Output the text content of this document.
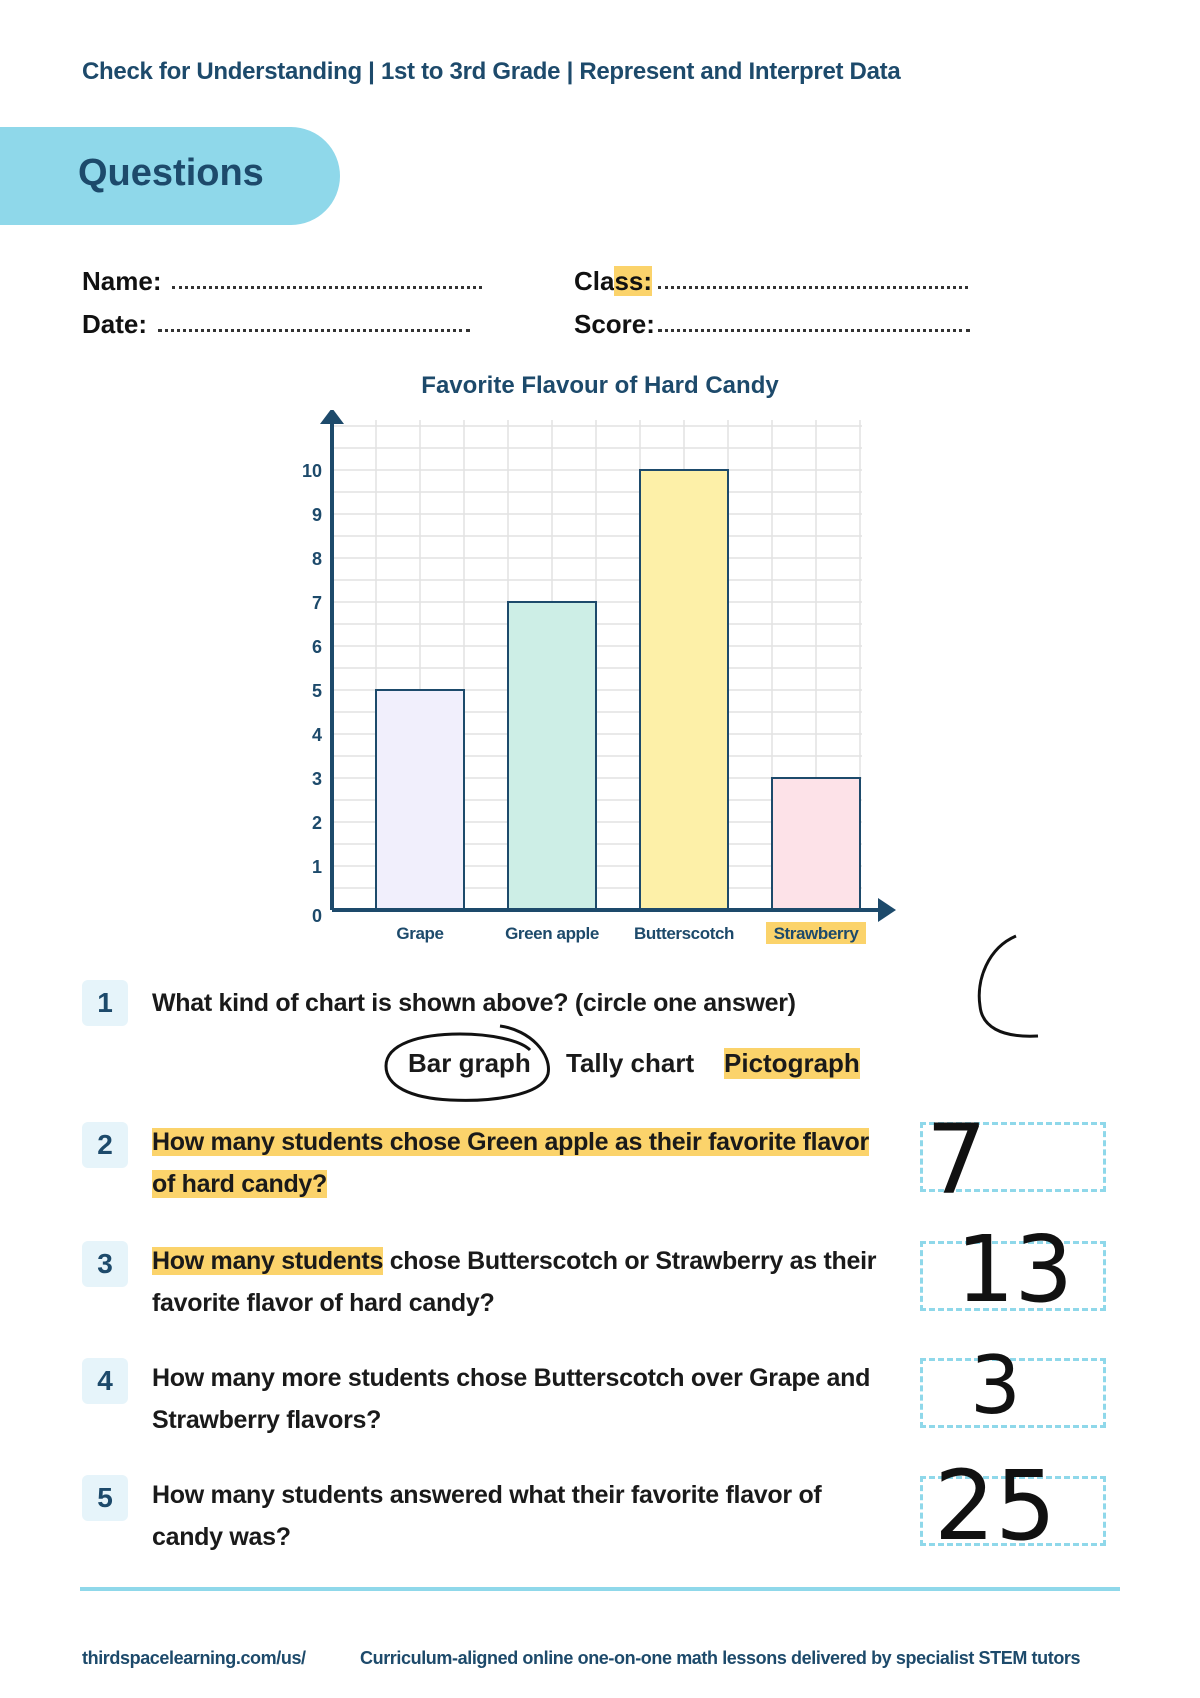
Check for Understanding | 1st to 3rd Grade | Represent and Interpret Data
Questions
Name:	Class:
Date:	Score:
Favorite Flavour of Hard Candy
Grape	Green apple Butterscotch Strawberry
0
1
2
3
4
5
6
7
8
9
10
1	What kind of chart is shown above? (circle one answer)
Bar graph Tally chart Pictograph
2	How many students chose Green apple as their favorite flavor of hard candy?	7
3	How many students chose Butterscotch or Strawberry as their favorite flavor of hard candy?	13
4	How many more students chose Butterscotch over Grape and Strawberry flavors?	3
5	How many students answered what their favorite flavor of candy was?	25
thirdspacelearning.com/us/	Curriculum-aligned online one-on-one math lessons delivered by specialist STEM tutors
